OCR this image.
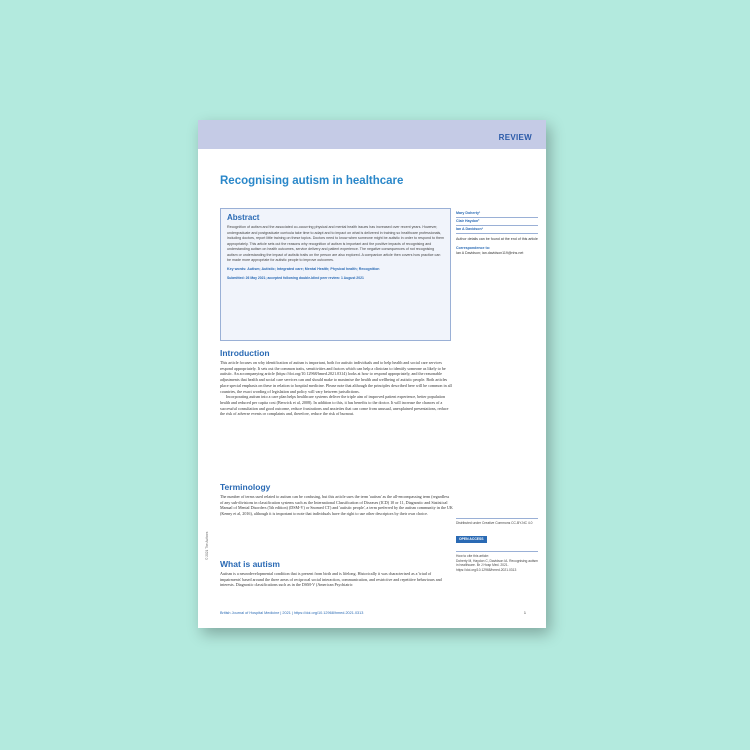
REVIEW
Recognising autism in healthcare
Abstract
Recognition of autism and the associated co-occurring physical and mental health issues has increased over recent years. However, undergraduate and postgraduate curricula take time to adapt and to impact on what is delivered in training so healthcare professionals, including doctors, report little training on these topics. Doctors need to know when someone might be autistic in order to respond to them appropriately. This article sets out the reasons why recognition of autism is important and the positive impacts of recognising and understanding autism on health outcomes, service delivery and patient experience. The negative consequences of not recognising autism or understanding the impact of autistic traits on the person are also explored. A companion article then covers how practice can be made more appropriate for autistic people to improve outcomes.
Key words: Autism; Autistic; Integrated care; Mental Health; Physical health; Recognition
Submitted: 26 May 2021; accepted following double-blind peer review: 1 August 2021
Mary Doherty¹
Clair Haydon²
Ian A Davidson³

Author details can be found at the end of this article

Correspondence to:
Ian A Davidson; ian.davidson119@nhs.net
Introduction

This article focuses on why identification of autism is important, both for autistic individuals and to help health and social care services respond appropriately. It sets out the common traits, sensitivities and factors which can help a clinician to identify someone as likely to be autistic. An accompanying article (https://doi.org/10.12968/hmed.2021.0314) looks at how to respond appropriately, and the reasonable adjustments that health and social care services can and should make to maximise the health and wellbeing of autistic people. Both articles place special emphasis on these in relation to hospital medicine. Please note that although the principles described here will be common in all countries, the exact wording of legislation and policy will vary between jurisdictions.

Incorporating autism into a care plan helps healthcare systems deliver the triple aim of improved patient experience, better population health and reduced per capita cost (Berwick et al, 2008). In addition to this, it has benefits to the doctor. It will increase the chances of a successful consultation and good outcome, reduce frustrations and anxieties that can come from unusual, unexplained presentations, reduce the risk of adverse events or complaints and, therefore, reduce the risk of burnout.

Terminology

The number of terms used related to autism can be confusing, but this article uses the term 'autism' as the all-encompassing term (regardless of any sub-divisions in classification systems such as the International Classification of Diseases (ICD) 10 or 11, Diagnostic and Statistical Manual of Mental Disorders (5th edition) (DSM-V) or Snomed CT) and 'autistic people', a term preferred by the autism community in the UK (Kenny et al, 2016), although it is important to note that individuals have the right to use other descriptors by their own choice.

What is autism

Autism is a neurodevelopmental condition that is present from birth and is lifelong. Historically it was characterised as a 'triad of impairments' based around the three areas of reciprocal social interaction, communication, and restrictive and repetitive behaviours and interests. Diagnostic classifications such as in the DSM-V (American Psychiatric

Distributed under Creative Commons CC-BY-NC 4.0
OPEN ACCESS
How to cite this article:
Doherty M, Haydon C, Davidson IA. Recognising autism in healthcare. Br J Hosp Med. 2021. https://doi.org/10.12968/hmed.2021.0313
© 2021 The Authors
British Journal of Hospital Medicine | 2021 | https://doi.org/10.12968/hmed.2021.0313	1
